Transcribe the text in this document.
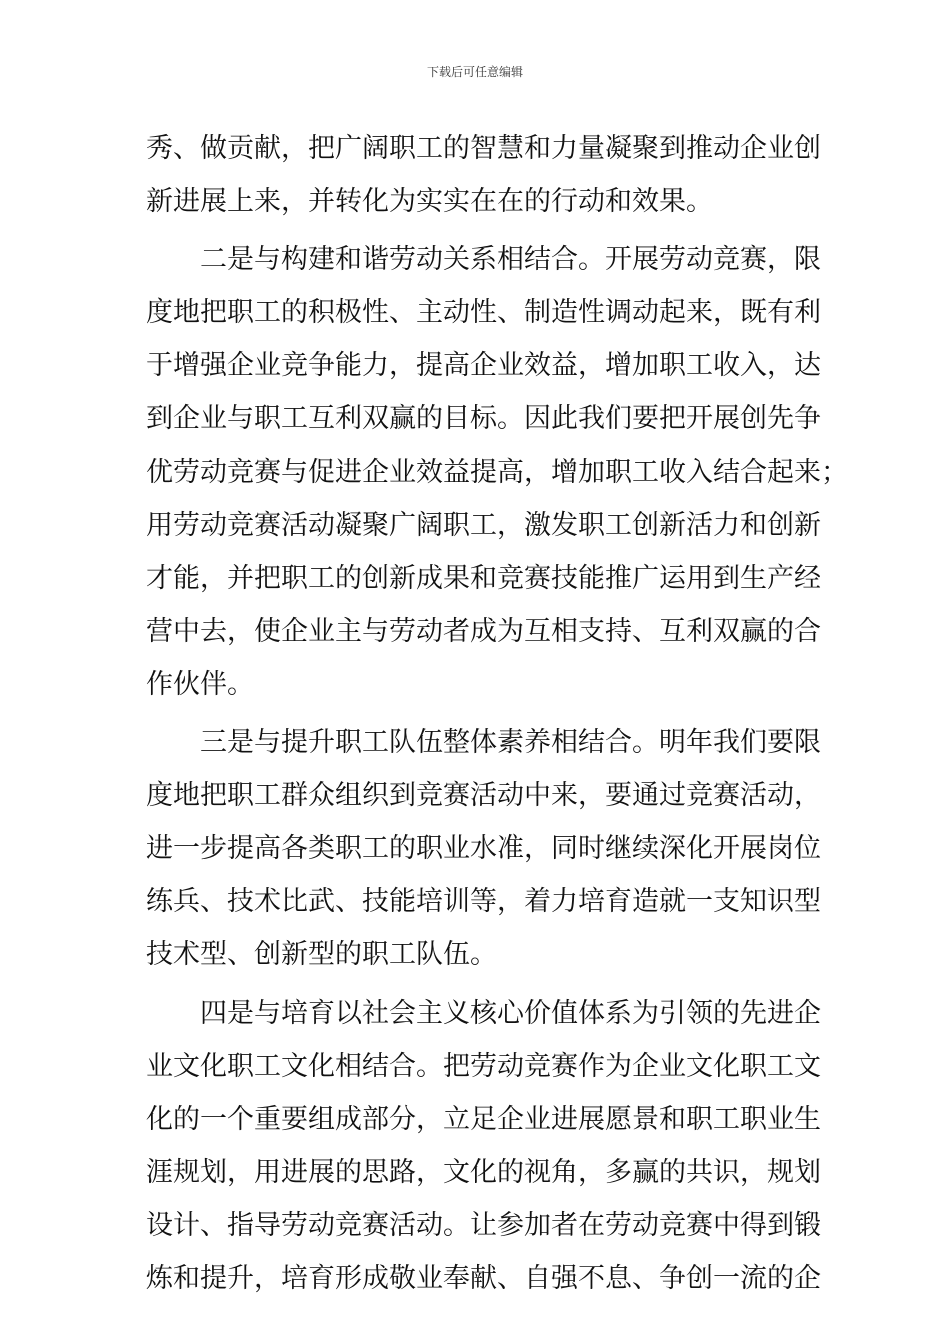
下载后可任意编辑
秀、做贡献，把广阔职工的智慧和力量凝聚到推动企业创
新进展上来，并转化为实实在在的行动和效果。
二是与构建和谐劳动关系相结合。开展劳动竞赛，限
度地把职工的积极性、主动性、制造性调动起来，既有利
于增强企业竞争能力，提高企业效益，增加职工收入，达
到企业与职工互利双赢的目标。因此我们要把开展创先争
优劳动竞赛与促进企业效益提高，增加职工收入结合起来；
用劳动竞赛活动凝聚广阔职工，激发职工创新活力和创新
才能，并把职工的创新成果和竞赛技能推广运用到生产经
营中去，使企业主与劳动者成为互相支持、互利双赢的合
作伙伴。
三是与提升职工队伍整体素养相结合。明年我们要限
度地把职工群众组织到竞赛活动中来，要通过竞赛活动，
进一步提高各类职工的职业水准，同时继续深化开展岗位
练兵、技术比武、技能培训等，着力培育造就一支知识型
技术型、创新型的职工队伍。
四是与培育以社会主义核心价值体系为引领的先进企
业文化职工文化相结合。把劳动竞赛作为企业文化职工文
化的一个重要组成部分，立足企业进展愿景和职工职业生
涯规划，用进展的思路，文化的视角，多赢的共识，规划
设计、指导劳动竞赛活动。让参加者在劳动竞赛中得到锻
炼和提升，培育形成敬业奉献、自强不息、争创一流的企
